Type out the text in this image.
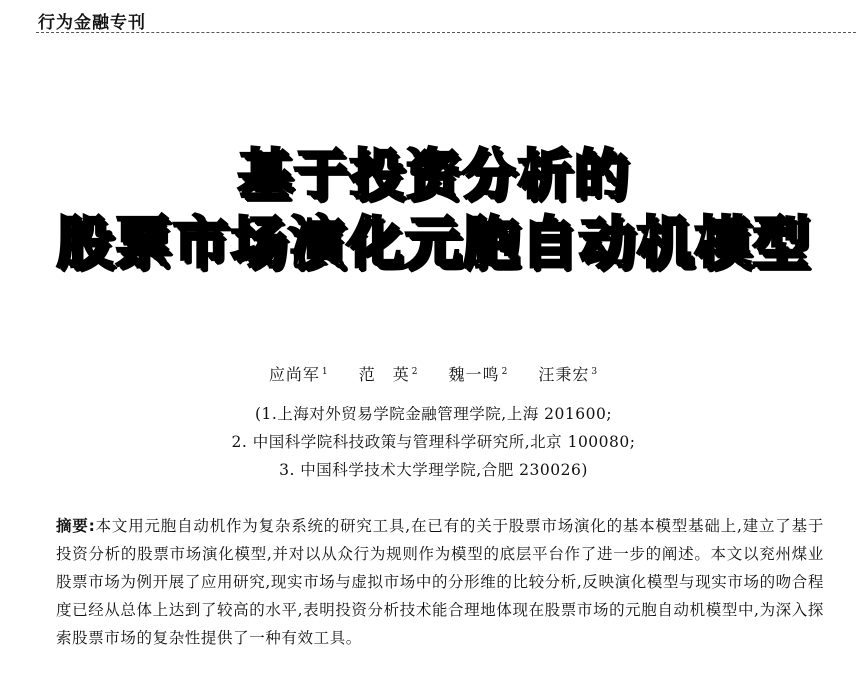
行为金融专刊
基于投资分析的
股票市场演化元胞自动机模型
应尚军 $^1$ 范　英 $^2$ 魏一鸣 $^2$ 汪秉宏 $^3$
(1.上海对外贸易学院金融管理学院,上海 201600;
2. 中国科学院科技政策与管理科学研究所,北京 100080;
3. 中国科学技术大学理学院,合肥 230026)
摘要:本文用元胞自动机作为复杂系统的研究工具,在已有的关于股票市场演化的基本模型基础上,建立了基于投资分析的股票市场演化模型,并对以从众行为规则作为模型的底层平台作了进一步的阐述。本文以兖州煤业股票市场为例开展了应用研究,现实市场与虚拟市场中的分形维的比较分析,反映演化模型与现实市场的吻合程度已经从总体上达到了较高的水平,表明投资分析技术能合理地体现在股票市场的元胞自动机模型中,为深入探索股票市场的复杂性提供了一种有效工具。
